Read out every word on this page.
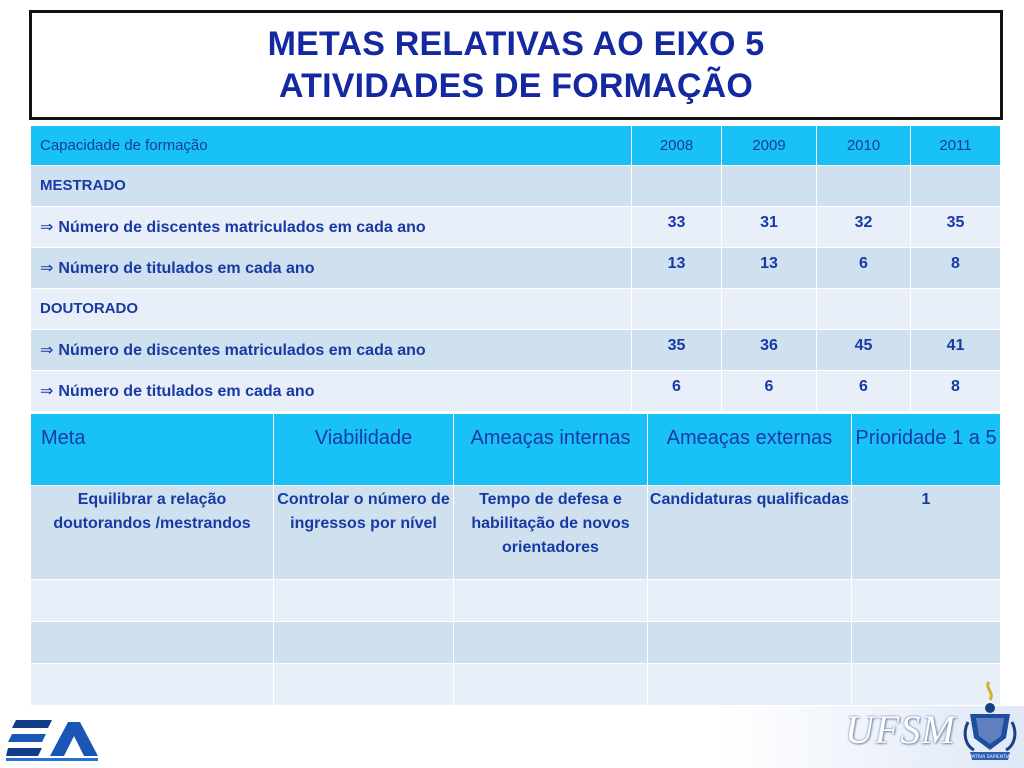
METAS RELATIVAS AO EIXO 5
ATIVIDADES DE FORMAÇÃO
Capacidade de formação	2008	2009	2010	2011
MESTRADO				
⇒ Número de discentes matriculados em cada ano	33	31	32	35
⇒ Número de titulados em cada ano	13	13	6	8
DOUTORADO				
⇒ Número de discentes matriculados em cada ano	35	36	45	41
⇒ Número de titulados em cada ano	6	6	6	8
Meta	Viabilidade	Ameaças internas	Ameaças externas	Prioridade 1 a 5
Equilibrar a relação doutorandos /mestrandos	Controlar o número de ingressos por nível	Tempo de defesa e habilitação de novos orientadores	Candidaturas qualificadas	1

UFSM
PATRIA SAPIENTIA
